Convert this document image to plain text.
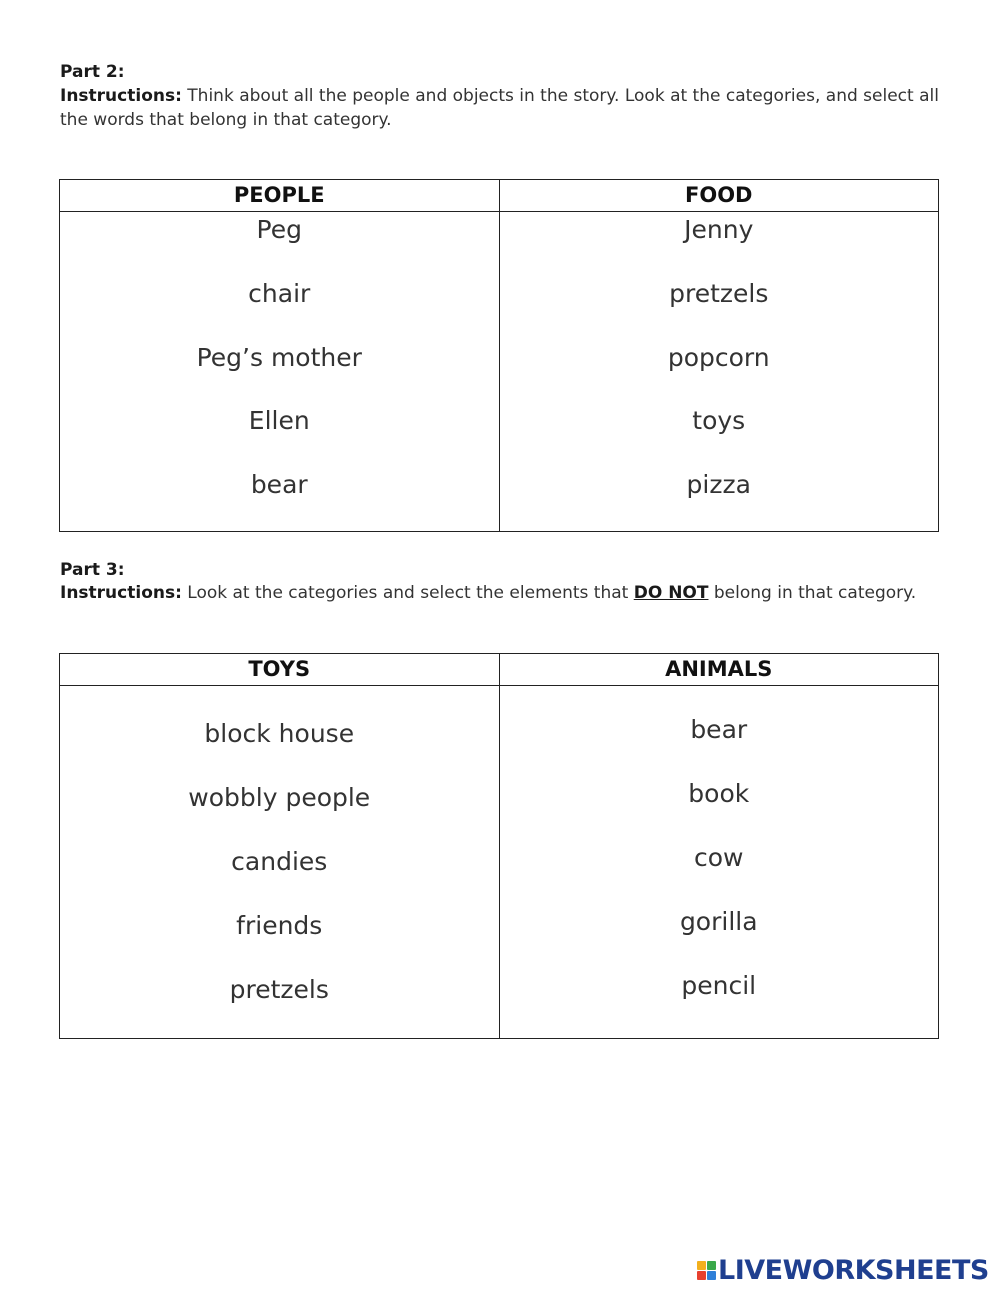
Part 2:
Instructions: Think about all the people and objects in the story. Look at the categories, and select all the words that belong in that category.
PEOPLE	FOOD
Peg
chair
Peg’s mother
Ellen
bear
Jenny
pretzels
popcorn
toys
pizza
Part 3:
Instructions: Look at the categories and select the elements that DO NOT belong in that category.
TOYS	ANIMALS
block house
wobbly people
candies
friends
pretzels
bear
book
cow
gorilla
pencil
LIVEWORKSHEETS
